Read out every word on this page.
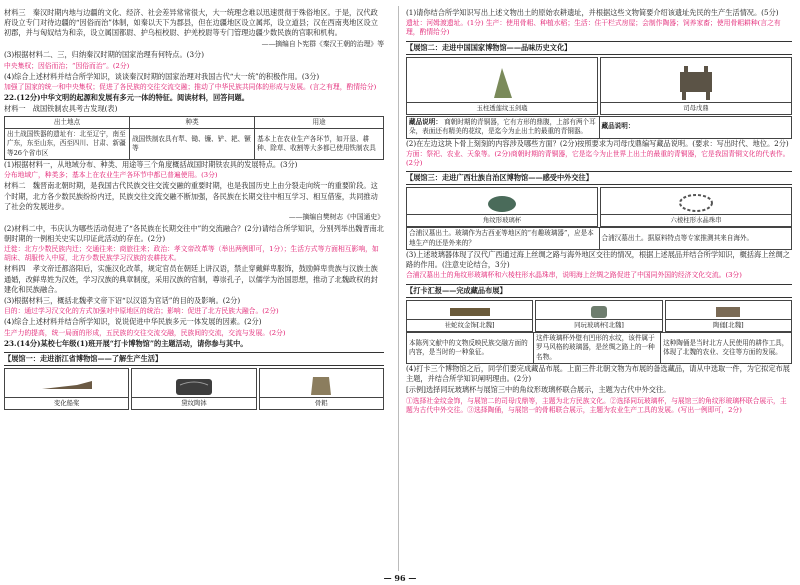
材料三　秦汉时期内地与边疆的文化、经济、社会差异常常很大，大一统理念难以迅速贯彻于殊俗地区。于是，汉代政府设立专门对待边疆的“因俗而治”体制，如秦以天下为郡县，但在边疆地区设立属邦，设立道县；汉在西南夷地区设立初郡，并与匈奴结为和亲，设立属国都尉、护乌桓校尉、护羌校尉等专门管理边疆少数民族的官职和机构。

——摘编自卜宪群《秦汉王朝的治理》等

(3)根据材料二、三，归纳秦汉时期的国家治理有何特点。(3分)

中央集权；因俗而治；“因俗而治”。(2分)

(4)综合上述材料并结合所学知识，谈谈秦汉时期的国家治理对我国古代“大一统”的积极作用。(3分)

加强了国家的统一和中央集权；促进了各民族的交往交流交融；推动了中华民族共同体的形成与发展。(言之有理，酌情给分)

22.(12分)中华文明的起源和发展有多元一体的特征。阅读材料，回答问题。

材料一　战国铁制农具考古发现(表)

出土地点	种类	用途
出土战国铁器的遗址有：北至辽宁，南至广东，东至山东，西至四川、甘肃、新疆等26个省市区	战国铁制农具有犁、锄、镰、铲、耙、镢等	基本上在农业生产各环节，如开垦、耕种、除草、收割等大多都已使用铁制农具

(1)根据材料一，从地域分布、种类、用途等三个角度概括战国时期铁农具的发展特点。(3分)

分布地域广，种类多；基本上在农业生产各环节中都已普遍使用。(3分)

材料二　魏晋南北朝时期，是我国古代民族交往交流交融的重要时期，也是我国历史上由分裂走向统一的重要阶段。这个时期，北方各少数民族纷纷内迁，民族交往交流交融不断加强，各民族在长期交往中相互学习、相互借鉴，共同推动了社会的发展进步。

——摘编自樊树志《中国通史》

(2)材料二中，韦庆认为哪些活动促进了“各民族在长期交往中”的交流融合？(2分)请结合所学知识，分别列举出魏晋南北朝时期的一例相关史实以印证此活动的存在。(2分)

迁徙：北方少数民族内迁；交通往来：商旅往来；政治：孝文帝改革等（举出两例即可，1分）；生活方式等方面相互影响，如胡床、胡服传入中原，北方少数民族学习汉族的农耕技术。

材料四　孝文帝迁都洛阳后，实施汉化改革，规定官员在朝廷上讲汉语，禁止穿戴鲜卑服饰，鼓励鲜卑贵族与汉族士族通婚，改鲜卑姓为汉姓，学习汉族的典章制度，采用汉族的官制，尊崇孔子，以儒学为治国思想，推动了北魏政权的封建化和民族融合。

(3)根据材料三，概括北魏孝文帝下诏“以汉语为官话”的目的及影响。(2分)

目的：通过学习汉文化的方式加强对中原地区的统治；影响：促进了北方民族大融合。(2分)

(4)综合上述材料并结合所学知识，说说促进中华民族多元一体发展的因素。(2分)

生产力的提高，统一局面的形成，五民族的交往交流交融，民族间的交流，交流与发展。(2分)

23.(14分)某校七年级(1)班开展“打卡博物馆”的主题活动，请你参与其中。

【展馆一：走进浙江省博物馆——了解生产生活】
变化船桨	黛纹陶钵	骨耜

(1)请你结合所学知识写出上述文物出土的原始农耕遗址，并根据这些文物简要介绍该遗址先民的生产生活情况。(5分)

遗址：河姆渡遗址。(1分) 生产：使用骨耜、种植水稻；生活：住干栏式房屋；会制作陶器；饲养家畜；使用骨耜耕种(言之有理，酌情给分)

【展馆二：走进中国国家博物馆——品味历史文化】
玉柱透莲纹玉剑璏	司母戊鼎
藏品说明： 商朝时期的青铜器，它有方形的鼎腹，上部有两个耳朵，表面还有精美的花纹，是迄今为止出土的最重的青铜器。	藏品说明：

(2)在左边这块卜骨上刻刻的内容涉及哪些方面？(2分)按照要求为司母戊鼎编写藏品说明。(要求：写出时代、地位。2分)

方面：祭祀、农业、天象等。(2分)商朝时期的青铜器，它是迄今为止世界上出土的最重的青铜器，它是我国青铜文化的代表作。(2分)

【展馆三：走进广西壮族自治区博物馆——感受中外交往】
角纹形玻璃杯	六棱柱形水晶珠串
合浦汉墓出土。玻璃作为古西亚等地区的“有趣玻璃器”，应是本地生产的还是外来的？	合浦汉墓出土。据原料特点等专家推测其来自海外。

(3)上述玻璃器体现了汉代广西通过海上丝绸之路与海外地区交往的情况，根据上述展品并结合所学知识，概括海上丝绸之路的作用。(注意史论结合，3分)

合浦汉墓出土的角纹形玻璃杯和六棱柱形水晶珠串，说明海上丝绸之路促进了中国同外国的经济文化交流。(3分)

【打卡汇报——完成藏品布展】
社蛇纹金饰[北魏]	同玩玻璃杯[北魏]	陶俑[北魏]
本陈列文献中的文物反映民族交融方面的内容，是当时的一种象征。	这件玻璃杯外壁有凹形的水纹，该件属于罗马风格的玻璃器，是丝绸之路上的一种名物。	这种陶俑是当时北方人民使用的耕作工具，体现了北魏的农业、交往等方面的发展。

(4)打卡三个博物馆之后，同学们要完成藏品布展。上面三件北朝文物为布展的备选藏品，请从中选取一件，为它拟定布展主题，并结合所学知识阐明理由。(2分)

[示例]选择同玩玻璃杯与展馆三中的角纹形玻璃杯联合展示，主题为古代中外交往。

①选择社金纹金饰，与展馆二的司母戊鼎等，主题为北方民族文化。②选择同玩玻璃杯，与展馆三的角纹形玻璃杯联合展示，主题为古代中外交往。③选择陶俑，与展馆一的骨耜联合展示，主题为农业生产工具的发展。(写出一例即可，2分)

— 96 —
